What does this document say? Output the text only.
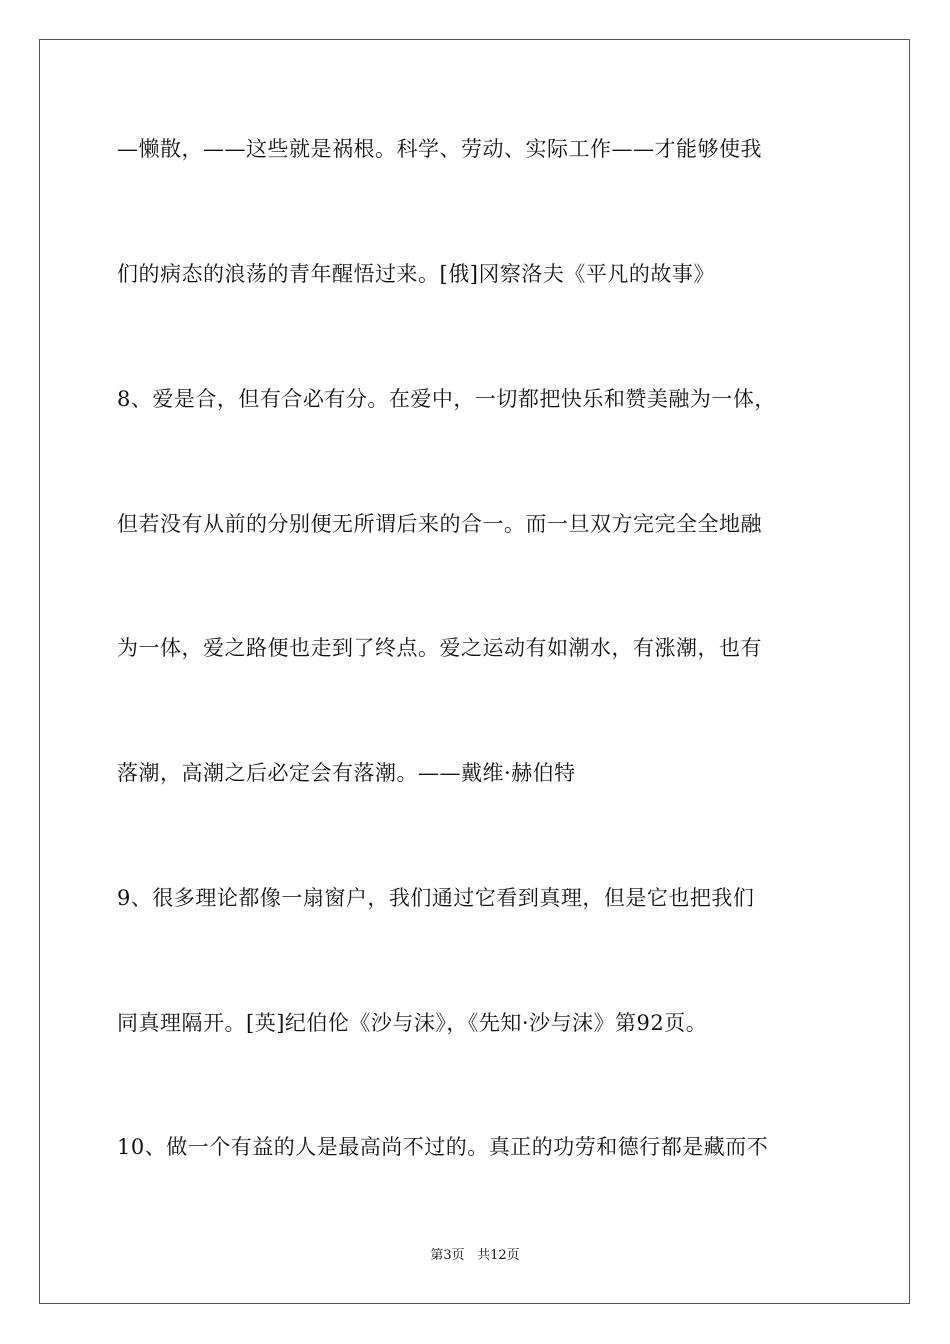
—懒散，——这些就是祸根。科学、劳动、实际工作——才能够使我
们的病态的浪荡的青年醒悟过来。[俄]冈察洛夫《平凡的故事》
8、爱是合，但有合必有分。在爱中，一切都把快乐和赞美融为一体，
但若没有从前的分别便无所谓后来的合一。而一旦双方完完全全地融
为一体，爱之路便也走到了终点。爱之运动有如潮水，有涨潮，也有
落潮，高潮之后必定会有落潮。——戴维·赫伯特
9、很多理论都像一扇窗户，我们通过它看到真理，但是它也把我们
同真理隔开。[英]纪伯伦《沙与沫》，《先知·沙与沫》第92页。
10、做一个有益的人是最高尚不过的。真正的功劳和德行都是藏而不
第3页 共12页
